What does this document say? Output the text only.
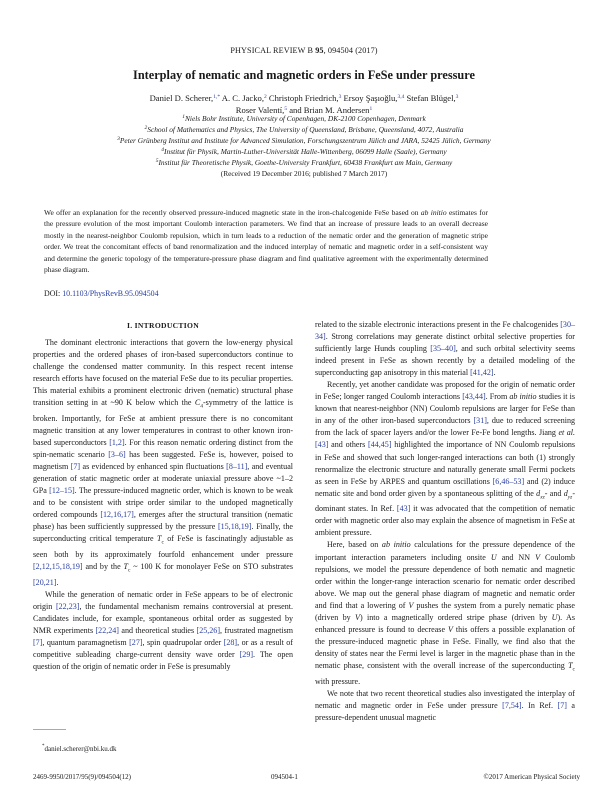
PHYSICAL REVIEW B 95, 094504 (2017)
Interplay of nematic and magnetic orders in FeSe under pressure
Daniel D. Scherer,$^{1,*}$ A. C. Jacko,$^2$ Christoph Friedrich,$^3$ Ersoy Şaşıoğlu,$^{3,4}$ Stefan Blügel,$^3$
Roser Valentí,$^5$ and Brian M. Andersen$^1$
$^1$Niels Bohr Institute, University of Copenhagen, DK-2100 Copenhagen, Denmark
$^2$School of Mathematics and Physics, The University of Queensland, Brisbane, Queensland, 4072, Australia
$^3$Peter Grünberg Institut and Institute for Advanced Simulation, Forschungszentrum Jülich and JARA, 52425 Jülich, Germany
$^4$Institut für Physik, Martin-Luther-Universität Halle-Wittenberg, 06099 Halle (Saale), Germany
$^5$Institut für Theoretische Physik, Goethe-University Frankfurt, 60438 Frankfurt am Main, Germany
(Received 19 December 2016; published 7 March 2017)
We offer an explanation for the recently observed pressure-induced magnetic state in the iron-chalcogenide FeSe based on ab initio estimates for the pressure evolution of the most important Coulomb interaction parameters. We find that an increase of pressure leads to an overall decrease mostly in the nearest-neighbor Coulomb repulsion, which in turn leads to a reduction of the nematic order and the generation of magnetic stripe order. We treat the concomitant effects of band renormalization and the induced interplay of nematic and magnetic order in a self-consistent way and determine the generic topology of the temperature-pressure phase diagram and find qualitative agreement with the experimentally determined phase diagram.
DOI: 10.1103/PhysRevB.95.094504

I. INTRODUCTION

The dominant electronic interactions that govern the low-energy physical properties and the ordered phases of iron-based superconductors continue to challenge the condensed matter community. In this respect recent intense research efforts have focused on the material FeSe due to its peculiar properties. This material exhibits a prominent electronic driven (nematic) structural phase transition setting in at ~90 K below which the $C_4$-symmetry of the lattice is broken. Importantly, for FeSe at ambient pressure there is no concomitant magnetic transition at any lower temperatures in contrast to other known iron-based superconductors [1,2]. For this reason nematic ordering distinct from the spin-nematic scenario [3–6] has been suggested. FeSe is, however, poised to magnetism [7] as evidenced by enhanced spin fluctuations [8–11], and eventual generation of static magnetic order at moderate uniaxial pressure above ~1–2 GPa [12–15]. The pressure-induced magnetic order, which is known to be weak and to be consistent with stripe order similar to the undoped magnetically ordered compounds [12,16,17], emerges after the structural transition (nematic phase) has been sufficiently suppressed by the pressure [15,18,19]. Finally, the superconducting critical temperature $T_c$ of FeSe is fascinatingly adjustable as seen both by its approximately fourfold enhancement under pressure [2,12,15,18,19] and by the $T_c$ ~ 100 K for monolayer FeSe on STO substrates [20,21].

While the generation of nematic order in FeSe appears to be of electronic origin [22,23], the fundamental mechanism remains controversial at present. Candidates include, for example, spontaneous orbital order as suggested by NMR experiments [22,24] and theoretical studies [25,26], frustrated magnetism [7], quantum paramagnetism [27], spin quadrupolar order [28], or as a result of competitive subleading charge-current density wave order [29]. The open question of the origin of nematic order in FeSe is presumably

related to the sizable electronic interactions present in the Fe chalcogenides [30–34]. Strong correlations may generate distinct orbital selective properties for sufficiently large Hunds coupling [35–40], and such orbital selectivity seems indeed present in FeSe as shown recently by a detailed modeling of the superconducting gap anisotropy in this material [41,42].

Recently, yet another candidate was proposed for the origin of nematic order in FeSe; longer ranged Coulomb interactions [43,44]. From ab initio studies it is known that nearest-neighbor (NN) Coulomb repulsions are larger for FeSe than in any of the other iron-based superconductors [31], due to reduced screening from the lack of spacer layers and/or the lower Fe-Fe bond lengths. Jiang et al. [43] and others [44,45] highlighted the importance of NN Coulomb repulsions in FeSe and showed that such longer-ranged interactions can both (1) strongly renormalize the electronic structure and naturally generate small Fermi pockets as seen in FeSe by ARPES and quantum oscillations [6,46–53] and (2) induce nematic site and bond order given by a spontaneous splitting of the $d_{xz}-$ and $d_{yz}$-dominant states. In Ref. [43] it was advocated that the competition of nematic order with magnetic order also may explain the absence of magnetism in FeSe at ambient pressure.

Here, based on ab initio calculations for the pressure dependence of the important interaction parameters including onsite U and NN V Coulomb repulsions, we model the pressure dependence of both nematic and magnetic order within the longer-range interaction scenario for nematic order described above. We map out the general phase diagram of magnetic and nematic order and find that a lowering of V pushes the system from a purely nematic phase (driven by V) into a magnetically ordered stripe phase (driven by U). As enhanced pressure is found to decrease V this offers a possible explanation of the pressure-induced magnetic phase in FeSe. Finally, we find also that the density of states near the Fermi level is larger in the magnetic phase than in the nematic phase, consistent with the overall increase of the superconducting $T_c$ with pressure.

We note that two recent theoretical studies also investigated the interplay of nematic and magnetic order in FeSe under pressure [7,54]. In Ref. [7] a pressure-dependent unusual magnetic

*daniel.scherer@nbi.ku.dk
2469-9950/2017/95(9)/094504(12)	094504-1	©2017 American Physical Society
